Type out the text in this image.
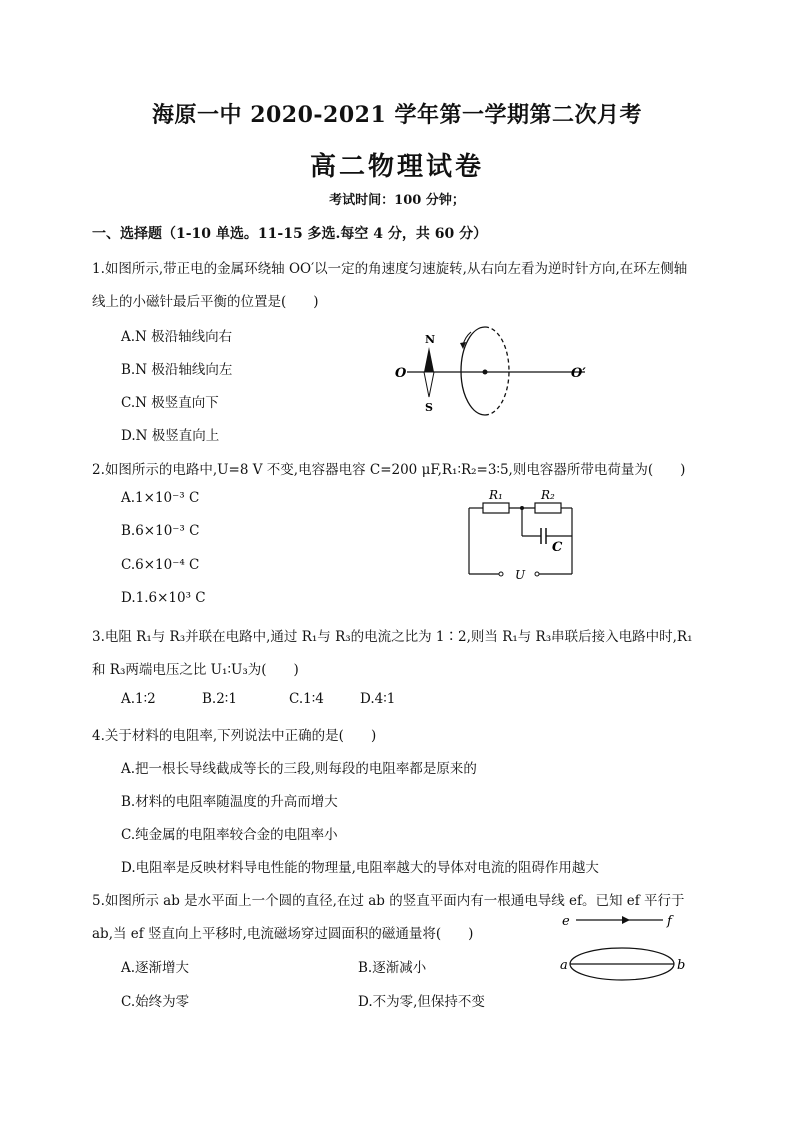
海原一中 2020-2021 学年第一学期第二次月考
高二物理试卷
考试时间：100 分钟；
一、选择题（1-10 单选。11-15 多选.每空 4 分，共 60 分）
1.如图所示,带正电的金属环绕轴 OO′以一定的角速度匀速旋转,从右向左看为逆时针方向,在环左侧轴
线上的小磁针最后平衡的位置是(　　)
A.N 极沿轴线向右
B.N 极沿轴线向左
C.N 极竖直向下
D.N 极竖直向上
N
S
O	O′
2.如图所示的电路中,U=8 V 不变,电容器电容 C=200 μF,R₁∶R₂=3∶5,则电容器所带电荷量为(　　)
A.1×10⁻³ C
B.6×10⁻³ C
C.6×10⁻⁴ C
D.1.6×10³ C
R₁	R₂
C
U
3.电阻 R₁与 R₃并联在电路中,通过 R₁与 R₃的电流之比为 1∶2,则当 R₁与 R₃串联后接入电路中时,R₁
和 R₃两端电压之比 U₁∶U₃为(　　)
A.1∶2	B.2∶1	C.1∶4	D.4∶1
4.关于材料的电阻率,下列说法中正确的是(　　)
A.把一根长导线截成等长的三段,则每段的电阻率都是原来的
B.材料的电阻率随温度的升高而增大
C.纯金属的电阻率较合金的电阻率小
D.电阻率是反映材料导电性能的物理量,电阻率越大的导体对电流的阻碍作用越大
5.如图所示 ab 是水平面上一个圆的直径,在过 ab 的竖直平面内有一根通电导线 ef。已知 ef 平行于
ab,当 ef 竖直向上平移时,电流磁场穿过圆面积的磁通量将(　　)
A.逐渐增大	B.逐渐减小
C.始终为零	D.不为零,但保持不变
e	f
a	b
